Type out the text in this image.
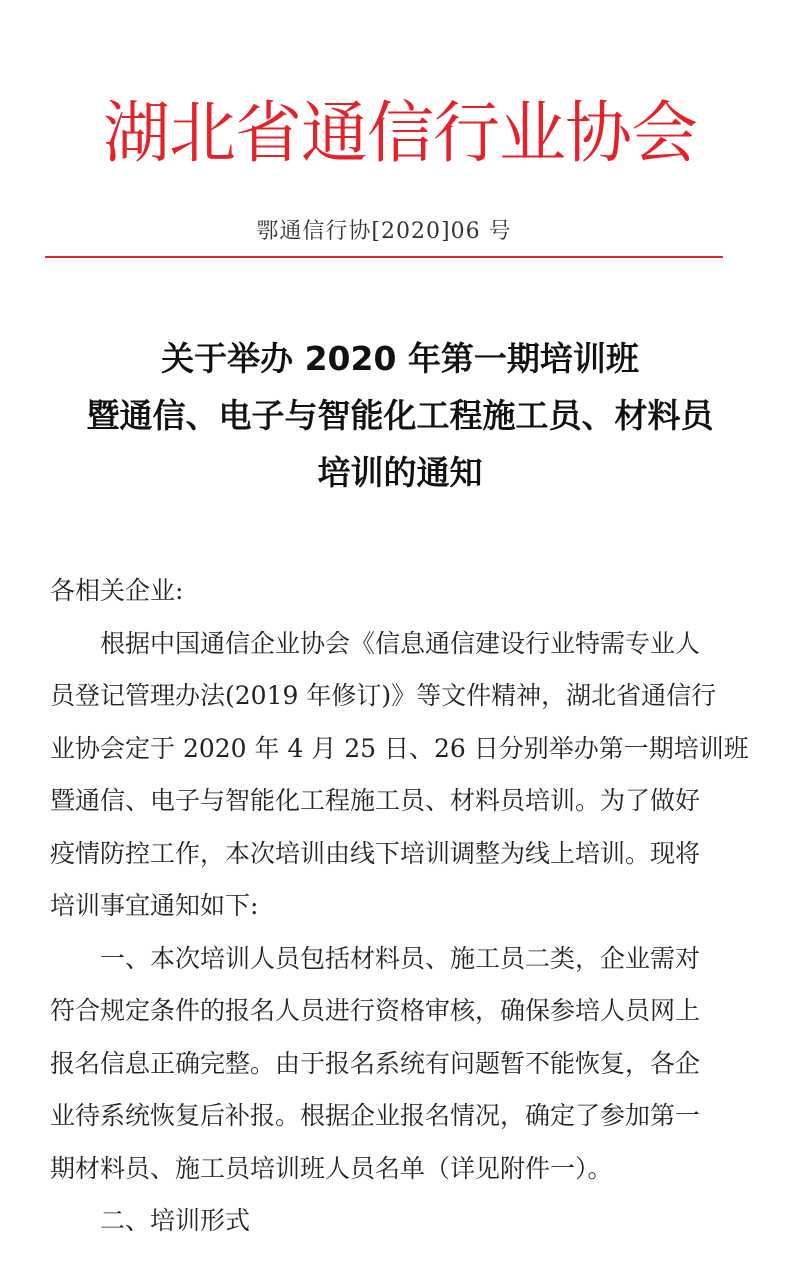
湖北省通信行业协会
鄂通信行协[2020]06 号
关于举办 2020 年第一期培训班
暨通信、电子与智能化工程施工员、材料员
培训的通知
各相关企业:
根据中国通信企业协会《信息通信建设行业特需专业人
员登记管理办法(2019 年修订)》等文件精神，湖北省通信行
业协会定于 2020 年 4 月 25 日、26 日分别举办第一期培训班
暨通信、电子与智能化工程施工员、材料员培训。为了做好
疫情防控工作，本次培训由线下培训调整为线上培训。现将
培训事宜通知如下:
一、本次培训人员包括材料员、施工员二类，企业需对
符合规定条件的报名人员进行资格审核，确保参培人员网上
报名信息正确完整。由于报名系统有问题暂不能恢复，各企
业待系统恢复后补报。根据企业报名情况，确定了参加第一
期材料员、施工员培训班人员名单（详见附件一）。
二、培训形式
